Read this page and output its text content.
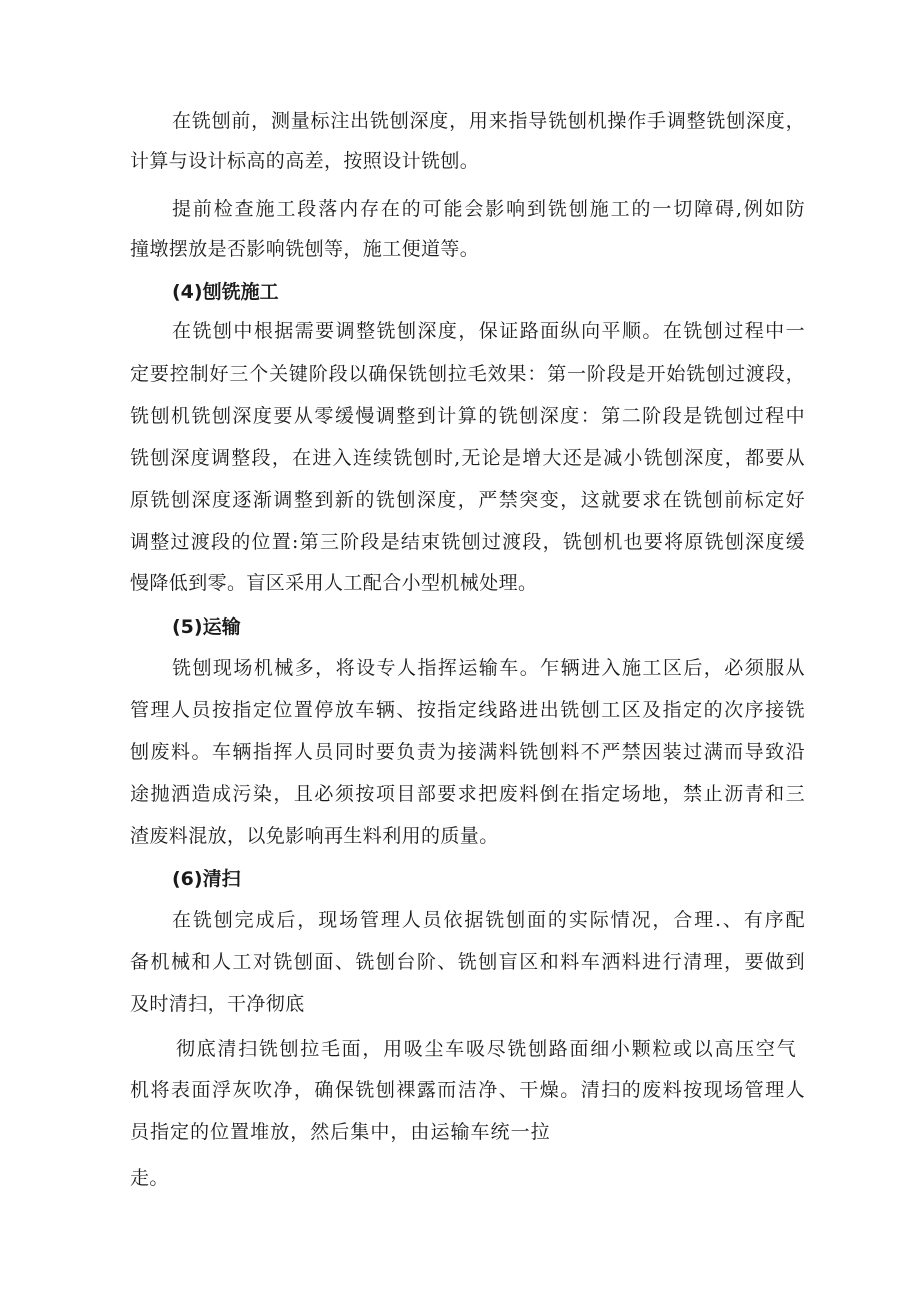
在铣刨前，测量标注出铣刨深度，用来指导铣刨机操作手调整铣刨深度，
计算与设计标高的高差，按照设计铣刨。
提前检查施工段落内存在的可能会影响到铣刨施工的一切障碍,例如防
撞墩摆放是否影响铣刨等，施工便道等。
(4)刨铣施工
在铣刨中根据需要调整铣刨深度，保证路面纵向平顺。在铣刨过程中一
定要控制好三个关键阶段以确保铣刨拉毛效果：第一阶段是开始铣刨过渡段，
铣刨机铣刨深度要从零缓慢调整到计算的铣刨深度：第二阶段是铣刨过程中
铣刨深度调整段，在进入连续铣刨时,无论是增大还是减小铣刨深度，都要从
原铣刨深度逐渐调整到新的铣刨深度，严禁突变，这就要求在铣刨前标定好
调整过渡段的位置:第三阶段是结束铣刨过渡段，铣刨机也要将原铣刨深度缓
慢降低到零。盲区采用人工配合小型机械处理。
(5)运输
铣刨现场机械多，将设专人指挥运输车。乍辆进入施工区后，必须服从
管理人员按指定位置停放车辆、按指定线路进出铣刨工区及指定的次序接铣
刨废料。车辆指挥人员同时要负责为接满料铣刨料不严禁因装过满而导致沿
途抛洒造成污染，且必须按项目部要求把废料倒在指定场地，禁止沥青和三
渣废料混放，以免影响再生料利用的质量。
(6)清扫
在铣刨完成后，现场管理人员依据铣刨面的实际情况，合理.、有序配
备机械和人工对铣刨面、铣刨台阶、铣刨盲区和料车洒料进行清理，要做到
及时清扫，干净彻底
彻底清扫铣刨拉毛面，用吸尘车吸尽铣刨路面细小颗粒或以高压空气
机将表面浮灰吹净，确保铣刨裸露而洁净、干燥。清扫的废料按现场管理人
员指定的位置堆放，然后集中，由运输车统一拉
走。
